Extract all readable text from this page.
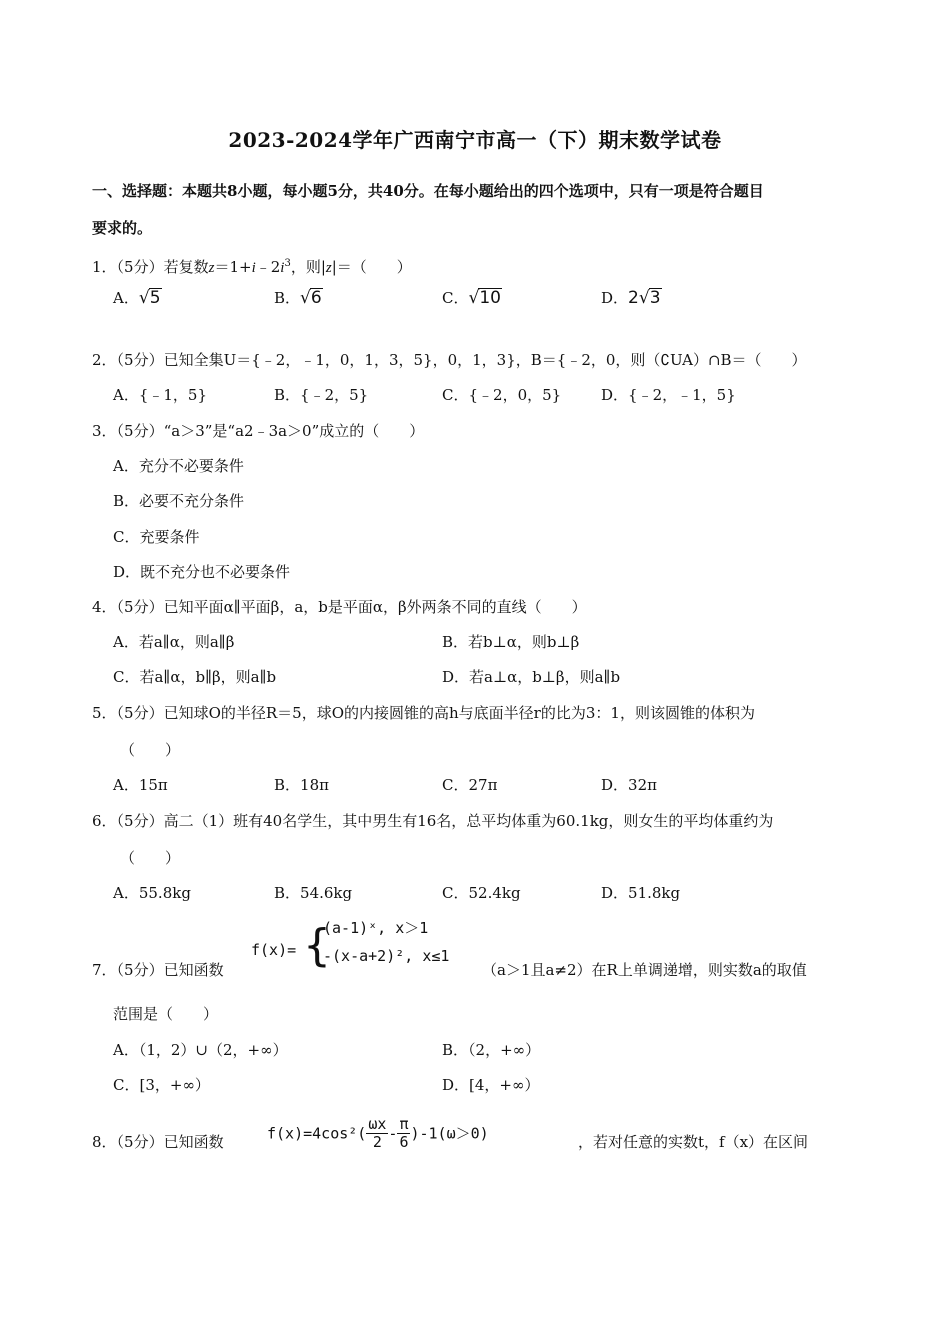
2023-2024学年广西南宁市高一（下）期末数学试卷
一、选择题：本题共8小题，每小题5分，共40分。在每小题给出的四个选项中，只有一项是符合题目
要求的。
1．（5分）若复数$z=1+i﹣2i^3$，则|z|＝（　　）
A．√5	B．√6	C．√10	D．2√3
2．（5分）已知全集U＝{﹣2，﹣1，0，1，3，5}，0，1，3}，B＝{﹣2，0，则（∁UA）∩B＝（　　）
A．{﹣1，5}	B．{﹣2，5}	C．{﹣2，0，5}	D．{﹣2，﹣1，5}
3．（5分）“a＞3”是“a2﹣3a＞0”成立的（　　）
A．充分不必要条件
B．必要不充分条件
C．充要条件
D．既不充分也不必要条件
4．（5分）已知平面α∥平面β，a，b是平面α，β外两条不同的直线（　　）
A．若a∥α，则a∥β	B．若b⊥α，则b⊥β
C．若a∥α，b∥β，则a∥b	D．若a⊥α，b⊥β，则a∥b
5．（5分）已知球O的半径R＝5，球O的内接圆锥的高h与底面半径r的比为3：1，则该圆锥的体积为
（　　）
A．15π	B．18π	C．27π	D．32π
6．（5分）高二（1）班有40名学生，其中男生有16名，总平均体重为60.1kg，则女生的平均体重约为
（　　）
A．55.8kg	B．54.6kg	C．52.4kg	D．51.8kg
7．（5分）已知函数
f(x)= {
(a-1)ˣ, x＞1
-(x-a+2)², x≤1
（a＞1且a≠2）在R上单调递增，则实数a的取值
范围是（　　）
A．（1，2）∪（2，+∞）	B．（2，+∞）
C．[3，+∞）	D．[4，+∞）
8．（5分）已知函数	$f(x)=4\cos^2( \frac{\omega x}{2} - \frac{\pi}{6} )-1(\omega>0)$	，若对任意的实数t，f（x）在区间
